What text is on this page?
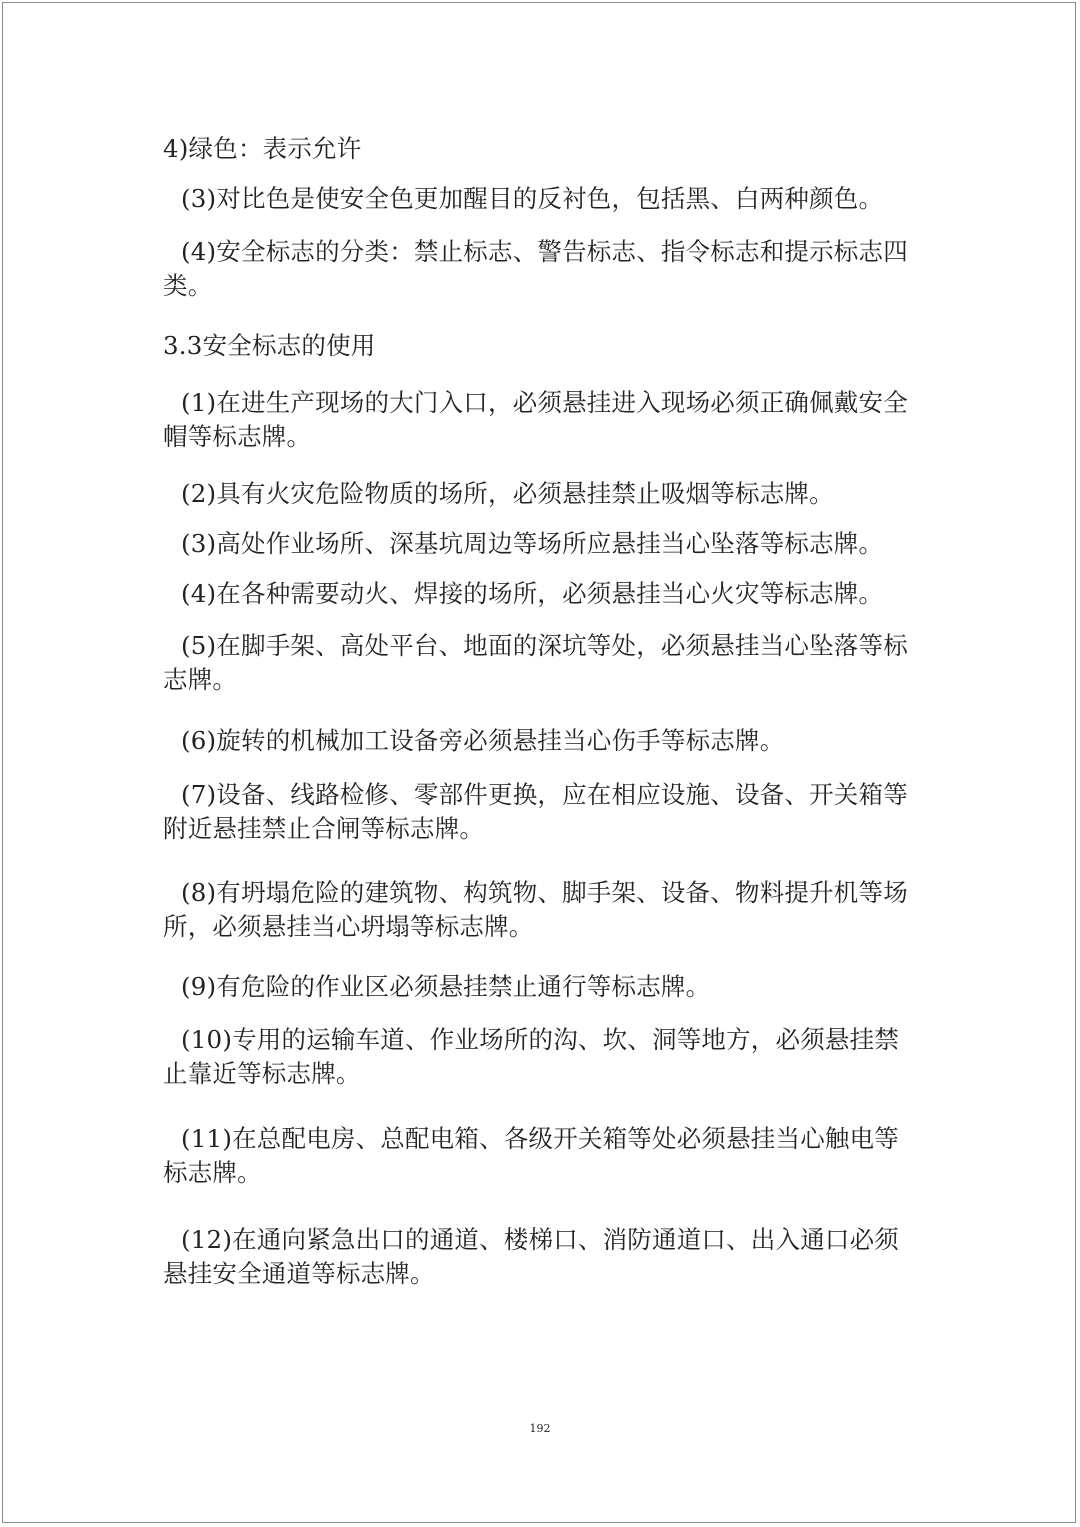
4)绿色：表示允许

(3)对比色是使安全色更加醒目的反衬色，包括黑、白两种颜色。

(4)安全标志的分类：禁止标志、警告标志、指令标志和提示标志四类。

3.3安全标志的使用

(1)在进生产现场的大门入口，必须悬挂进入现场必须正确佩戴安全帽等标志牌。

(2)具有火灾危险物质的场所，必须悬挂禁止吸烟等标志牌。

(3)高处作业场所、深基坑周边等场所应悬挂当心坠落等标志牌。

(4)在各种需要动火、焊接的场所，必须悬挂当心火灾等标志牌。

(5)在脚手架、高处平台、地面的深坑等处，必须悬挂当心坠落等标志牌。

(6)旋转的机械加工设备旁必须悬挂当心伤手等标志牌。

(7)设备、线路检修、零部件更换，应在相应设施、设备、开关箱等附近悬挂禁止合闸等标志牌。

(8)有坍塌危险的建筑物、构筑物、脚手架、设备、物料提升机等场所，必须悬挂当心坍塌等标志牌。

(9)有危险的作业区必须悬挂禁止通行等标志牌。

(10)专用的运输车道、作业场所的沟、坎、洞等地方，必须悬挂禁止靠近等标志牌。

(11)在总配电房、总配电箱、各级开关箱等处必须悬挂当心触电等标志牌。

(12)在通向紧急出口的通道、楼梯口、消防通道口、出入通口必须悬挂安全通道等标志牌。

192
